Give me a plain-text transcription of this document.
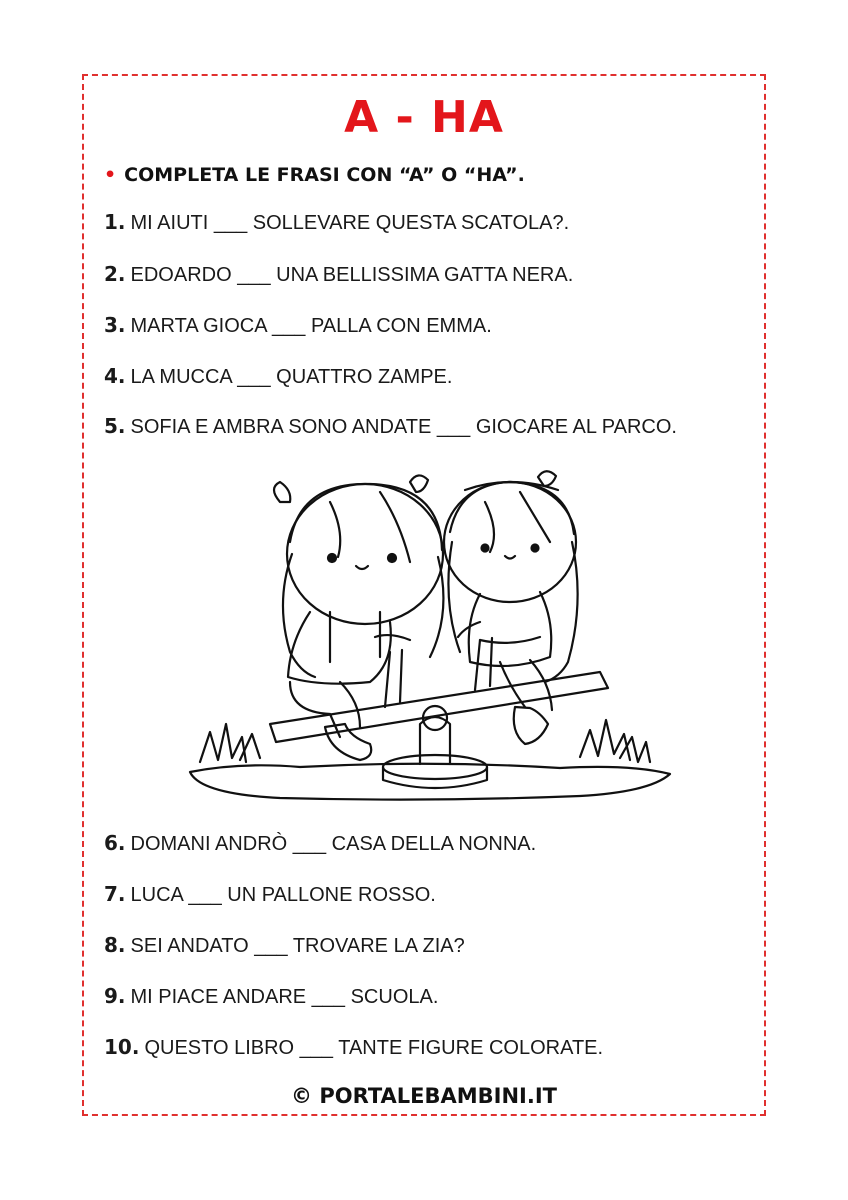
A - HA
• COMPLETA LE FRASI CON “A” O “HA”.
1. MI AIUTI ___ SOLLEVARE QUESTA SCATOLA?.
2. EDOARDO ___ UNA BELLISSIMA GATTA NERA.
3. MARTA GIOCA ___ PALLA CON EMMA.
4. LA MUCCA ___ QUATTRO ZAMPE.
5. SOFIA E AMBRA SONO ANDATE ___ GIOCARE AL PARCO.
6. DOMANI ANDRÒ ___ CASA DELLA NONNA.
7. LUCA ___ UN PALLONE ROSSO.
8. SEI ANDATO ___ TROVARE LA ZIA?
9. MI PIACE ANDARE ___ SCUOLA.
10. QUESTO LIBRO ___ TANTE FIGURE COLORATE.
© PORTALEBAMBINI.IT
